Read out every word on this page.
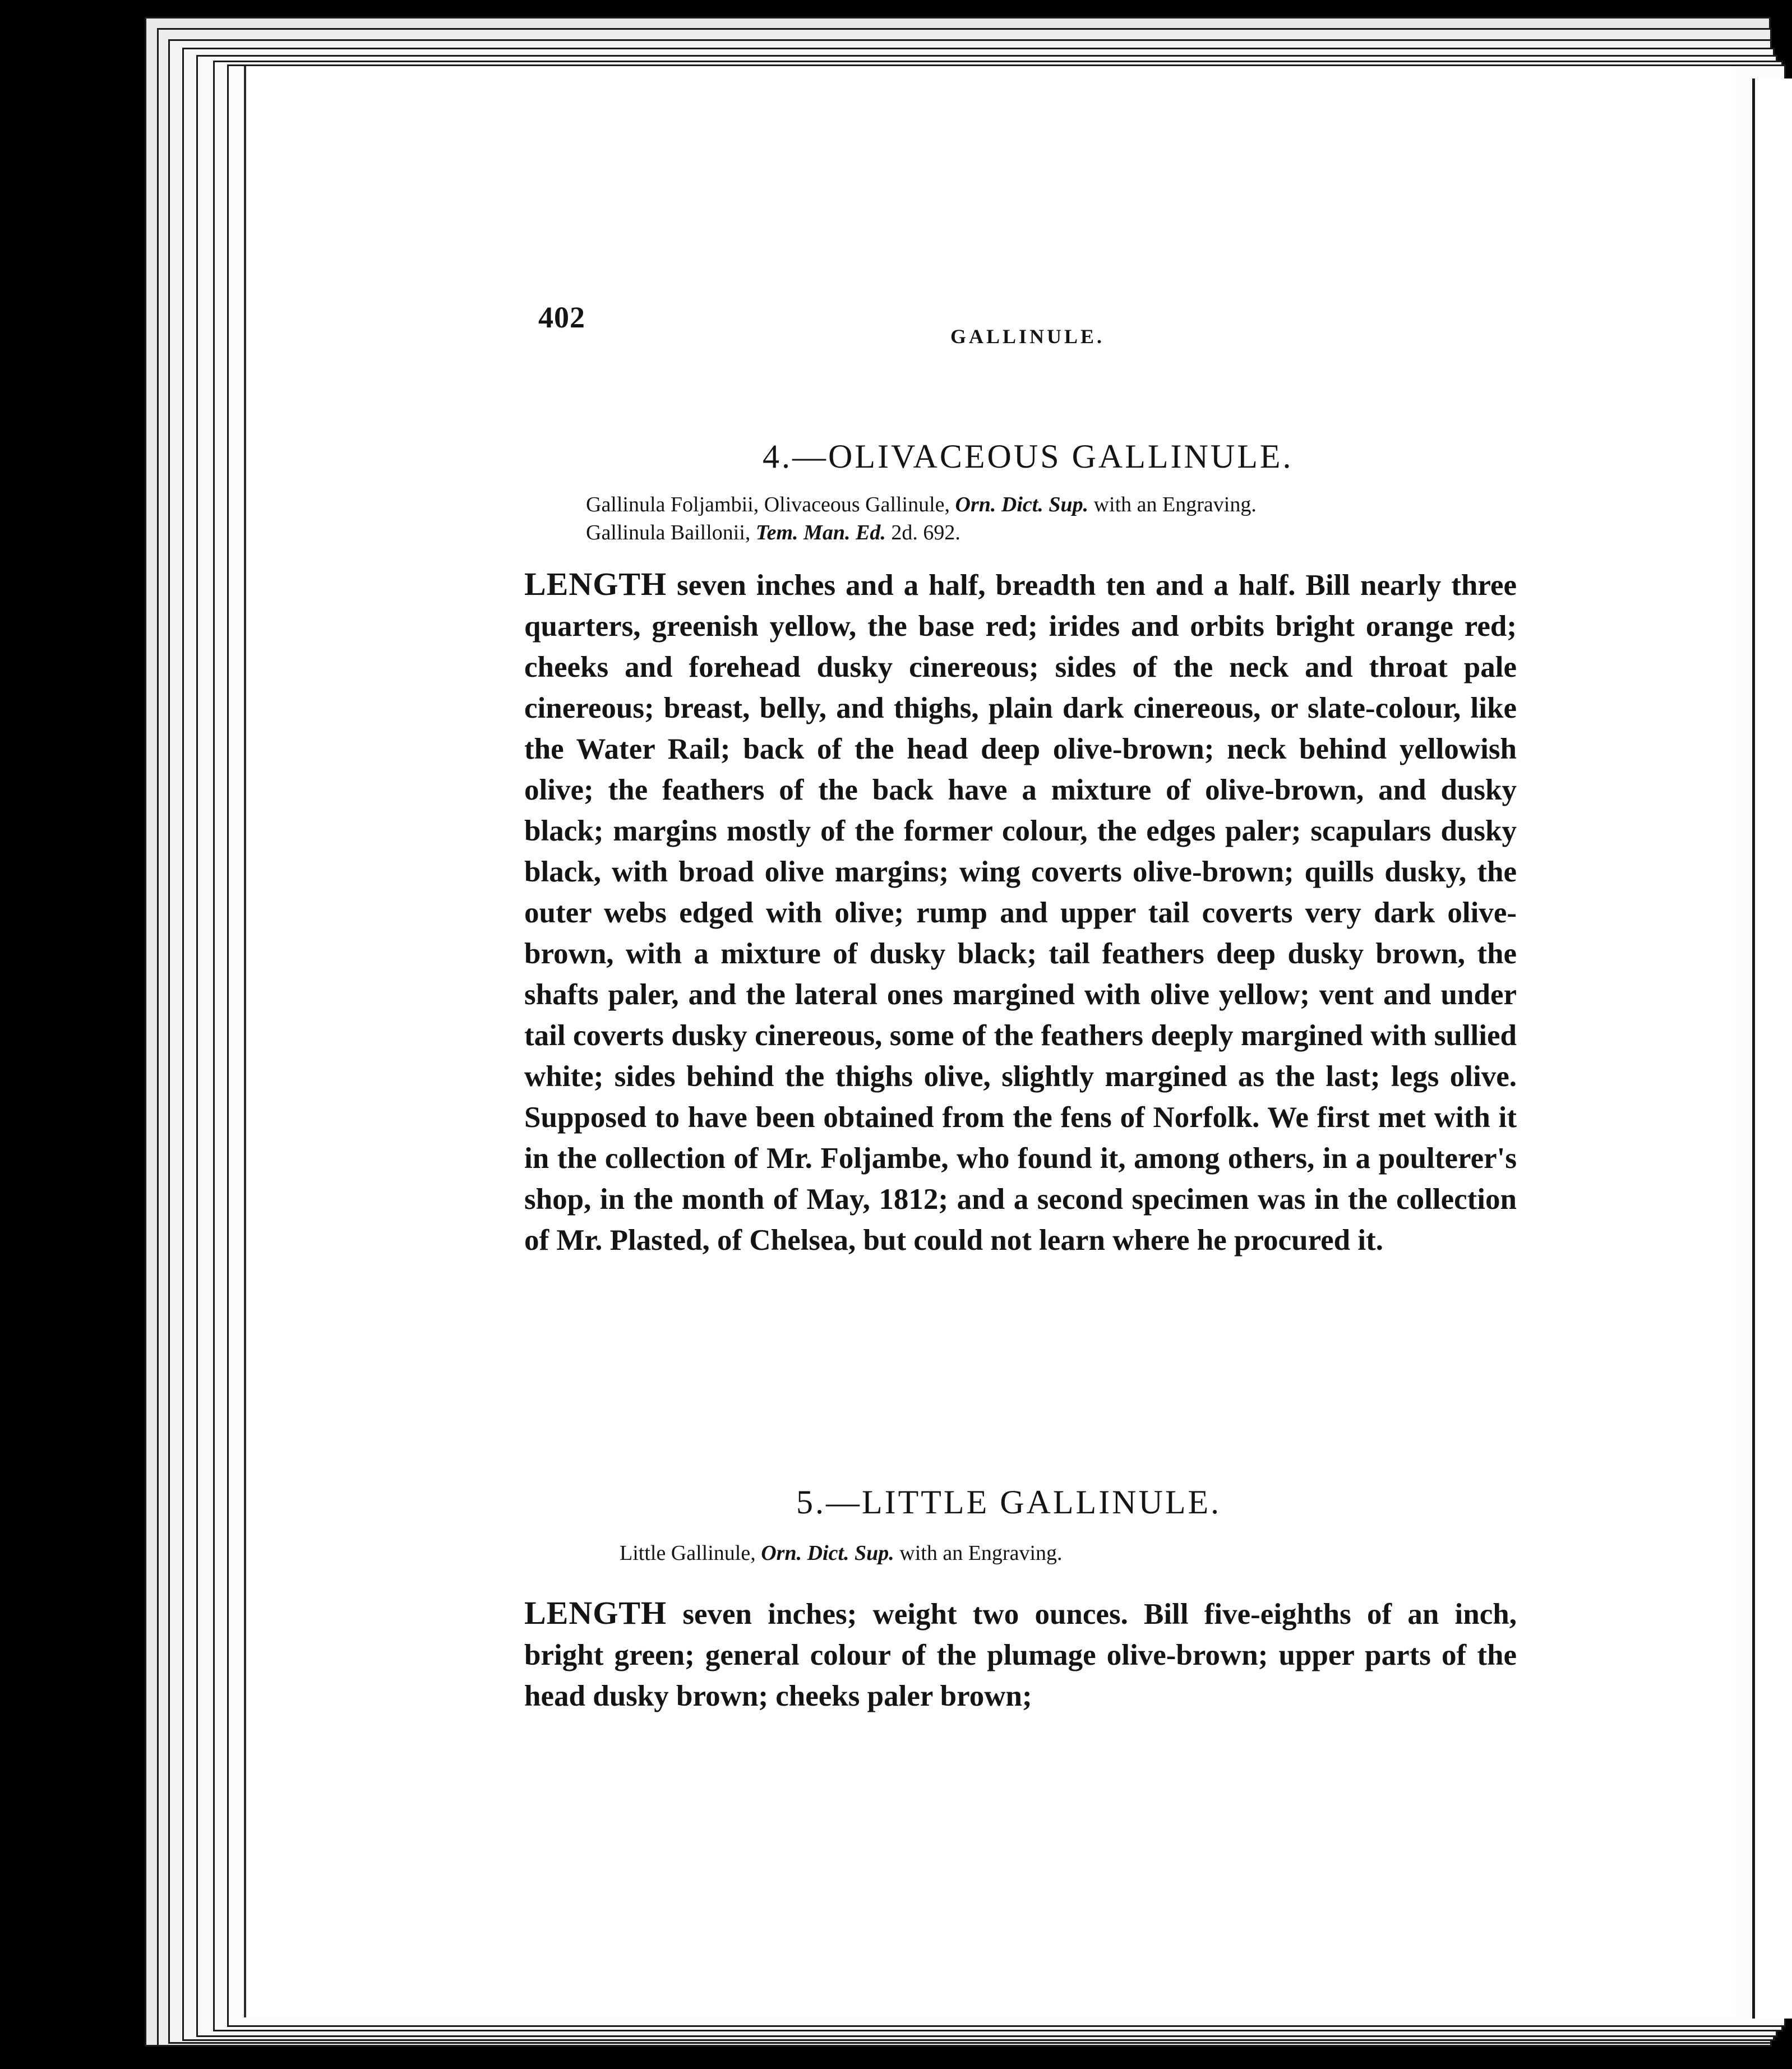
402
GALLINULE.
4.—OLIVACEOUS GALLINULE.
Gallinula Foljambii, Olivaceous Gallinule, Orn. Dict. Sup. with an Engraving.
Gallinula Baillonii, Tem. Man. Ed. 2d. 692.
LENGTH seven inches and a half, breadth ten and a half. Bill nearly three quarters, greenish yellow, the base red; irides and orbits bright orange red; cheeks and forehead dusky cinereous; sides of the neck and throat pale cinereous; breast, belly, and thighs, plain dark cinereous, or slate-colour, like the Water Rail; back of the head deep olive-brown; neck behind yellowish olive; the feathers of the back have a mixture of olive-brown, and dusky black; margins mostly of the former colour, the edges paler; scapulars dusky black, with broad olive margins; wing coverts olive-brown; quills dusky, the outer webs edged with olive; rump and upper tail coverts very dark olive-brown, with a mixture of dusky black; tail feathers deep dusky brown, the shafts paler, and the lateral ones margined with olive yellow; vent and under tail coverts dusky cinereous, some of the feathers deeply margined with sullied white; sides behind the thighs olive, slightly margined as the last; legs olive. Supposed to have been obtained from the fens of Norfolk. We first met with it in the collection of Mr. Foljambe, who found it, among others, in a poulterer's shop, in the month of May, 1812; and a second specimen was in the collection of Mr. Plasted, of Chelsea, but could not learn where he procured it.
5.—LITTLE GALLINULE.
Little Gallinule, Orn. Dict. Sup. with an Engraving.
LENGTH seven inches; weight two ounces. Bill five-eighths of an inch, bright green; general colour of the plumage olive-brown; upper parts of the head dusky brown; cheeks paler brown;
